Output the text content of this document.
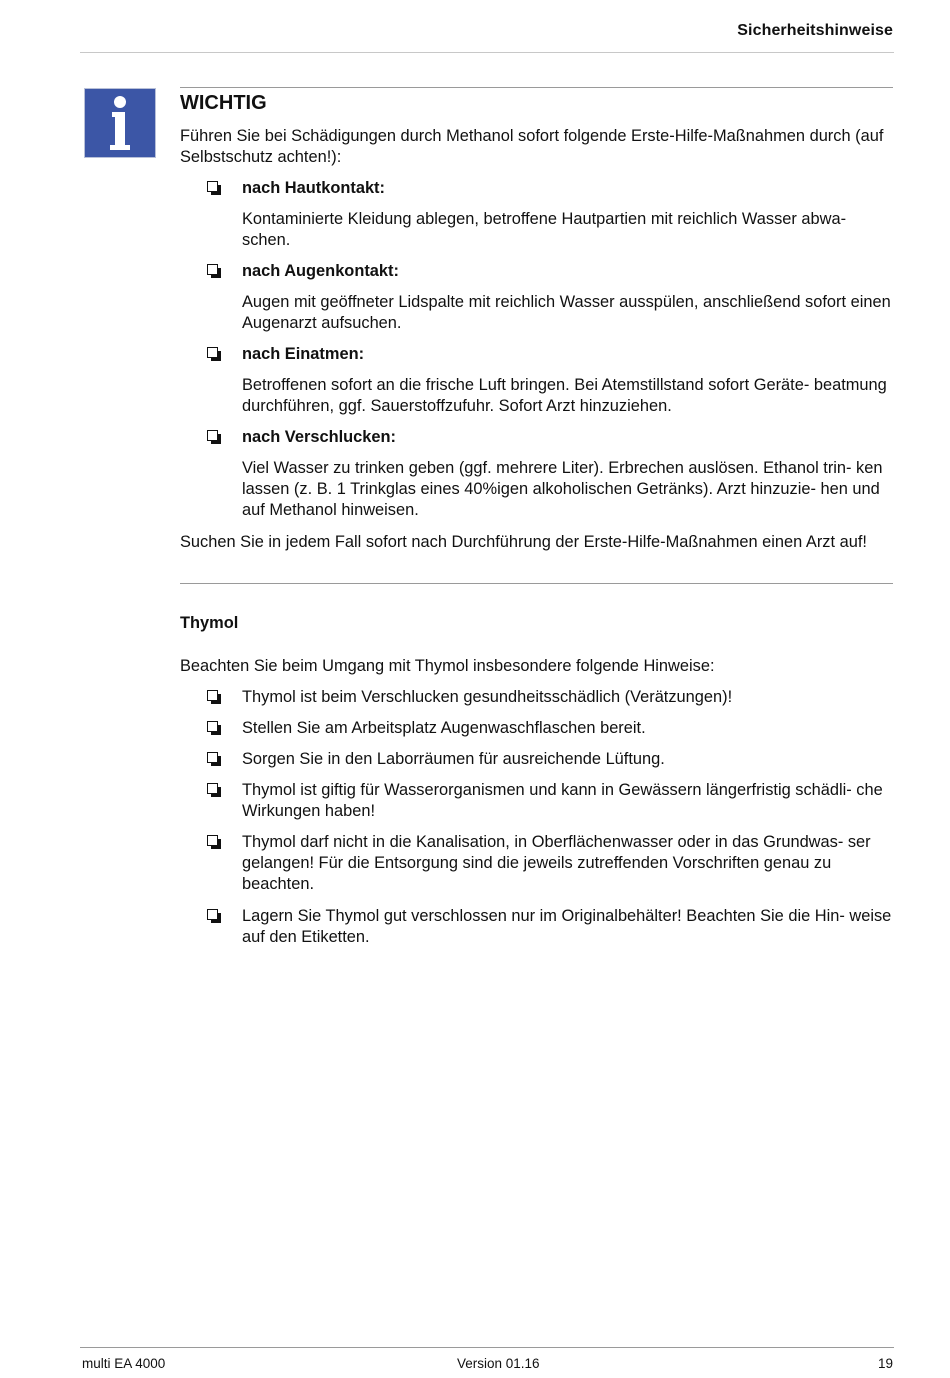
Sicherheitshinweise
WICHTIG

Führen Sie bei Schädigungen durch Methanol sofort folgende Erste-Hilfe-Maßnahmen durch (auf Selbstschutz achten!):

nach Hautkontakt:
Kontaminierte Kleidung ablegen, betroffene Hautpartien mit reichlich Wasser abwa- schen.
nach Augenkontakt:
Augen mit geöffneter Lidspalte mit reichlich Wasser ausspülen, anschließend sofort einen Augenarzt aufsuchen.
nach Einatmen:
Betroffenen sofort an die frische Luft bringen. Bei Atemstillstand sofort Geräte- beatmung durchführen, ggf. Sauerstoffzufuhr. Sofort Arzt hinzuziehen.
nach Verschlucken:
Viel Wasser zu trinken geben (ggf. mehrere Liter). Erbrechen auslösen. Ethanol trin- ken lassen (z. B. 1 Trinkglas eines 40%igen alkoholischen Getränks). Arzt hinzuzie- hen und auf Methanol hinweisen.

Suchen Sie in jedem Fall sofort nach Durchführung der Erste-Hilfe-Maßnahmen einen Arzt auf!

Thymol

Beachten Sie beim Umgang mit Thymol insbesondere folgende Hinweise:

Thymol ist beim Verschlucken gesundheitsschädlich (Verätzungen)!
Stellen Sie am Arbeitsplatz Augenwaschflaschen bereit.
Sorgen Sie in den Laborräumen für ausreichende Lüftung.
Thymol ist giftig für Wasserorganismen und kann in Gewässern längerfristig schädli- che Wirkungen haben!
Thymol darf nicht in die Kanalisation, in Oberflächenwasser oder in das Grundwas- ser gelangen! Für die Entsorgung sind die jeweils zutreffenden Vorschriften genau zu beachten.
Lagern Sie Thymol gut verschlossen nur im Originalbehälter! Beachten Sie die Hin- weise auf den Etiketten.
multi EA 4000	Version 01.16	19
